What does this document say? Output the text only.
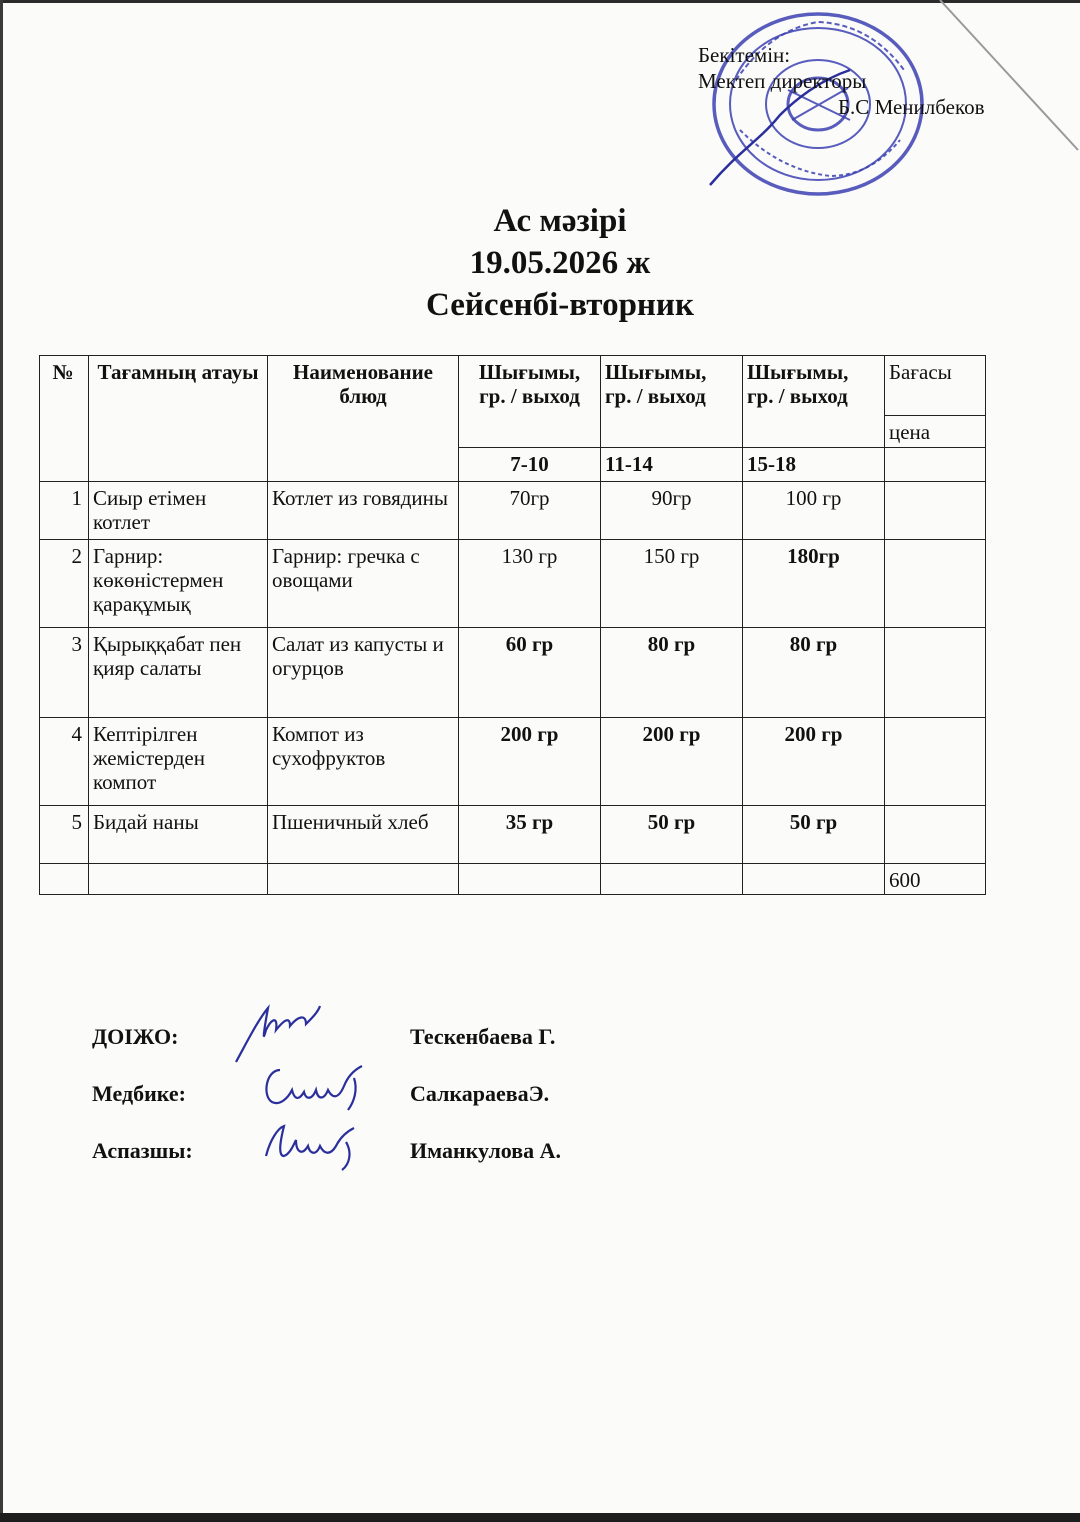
Бекітемін:
Мектеп директоры
Б.С Менилбеков
Ас мәзірі
19.05.2026 ж
Сейсенбі-вторник
№	Тағамның атауы	Наименование блюд	Шығымы, гр. / выход	Шығымы, гр. / выход	Шығымы, гр. / выход	Бағасы
						цена
			7-10	11-14	15-18	
1	Сиыр етімен котлет	Котлет из говядины	70гр	90гр	100 гр	
2	Гарнир: көкөністермен қарақұмық	Гарнир: гречка с овощами	130 гр	150 гр	180гр	
3	Қырыққабат пен қияр салаты	Салат из капусты и огурцов	60 гр	80 гр	80 гр	
4	Кептірілген жемістерден компот	Компот из сухофруктов	200 гр	200 гр	200 гр	
5	Бидай наны	Пшеничный хлеб	35 гр	50 гр	50 гр	
						600
ДОІЖО:	Тескенбаева Г.
Медбике:	СалкараеваЭ.
Аспазшы:	Иманкулова А.
